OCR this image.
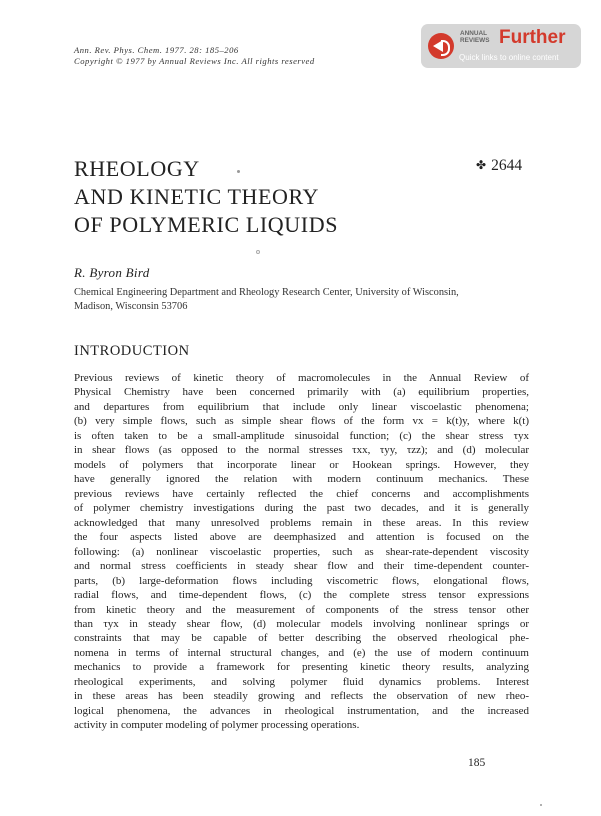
Ann. Rev. Phys. Chem. 1977. 28: 185–206
Copyright © 1977 by Annual Reviews Inc. All rights reserved
ANNUAL
REVIEWS Further
Quick links to online content
RHEOLOGY
AND KINETIC THEORY
OF POLYMERIC LIQUIDS
✤ 2644
R. Byron Bird
Chemical Engineering Department and Rheology Research Center, University of Wisconsin,
Madison, Wisconsin 53706
INTRODUCTION
Previous reviews of kinetic theory of macromolecules in the Annual Review of
Physical Chemistry have been concerned primarily with (a) equilibrium properties,
and departures from equilibrium that include only linear viscoelastic phenomena;
(b) very simple flows, such as simple shear flows of the form vx = k(t)y, where k(t)
is often taken to be a small-amplitude sinusoidal function; (c) the shear stress τyx
in shear flows (as opposed to the normal stresses τxx, τyy, τzz); and (d) molecular
models of polymers that incorporate linear or Hookean springs. However, they
have generally ignored the relation with modern continuum mechanics. These
previous reviews have certainly reflected the chief concerns and accomplishments
of polymer chemistry investigations during the past two decades, and it is generally
acknowledged that many unresolved problems remain in these areas. In this review
the four aspects listed above are deemphasized and attention is focused on the
following: (a) nonlinear viscoelastic properties, such as shear-rate-dependent viscosity
and normal stress coefficients in steady shear flow and their time-dependent counter-
parts, (b) large-deformation flows including viscometric flows, elongational flows,
radial flows, and time-dependent flows, (c) the complete stress tensor expressions
from kinetic theory and the measurement of components of the stress tensor other
than τyx in steady shear flow, (d) molecular models involving nonlinear springs or
constraints that may be capable of better describing the observed rheological phe-
nomena in terms of internal structural changes, and (e) the use of modern continuum
mechanics to provide a framework for presenting kinetic theory results, analyzing
rheological experiments, and solving polymer fluid dynamics problems. Interest
in these areas has been steadily growing and reflects the observation of new rheo-
logical phenomena, the advances in rheological instrumentation, and the increased
activity in computer modeling of polymer processing operations.
185
